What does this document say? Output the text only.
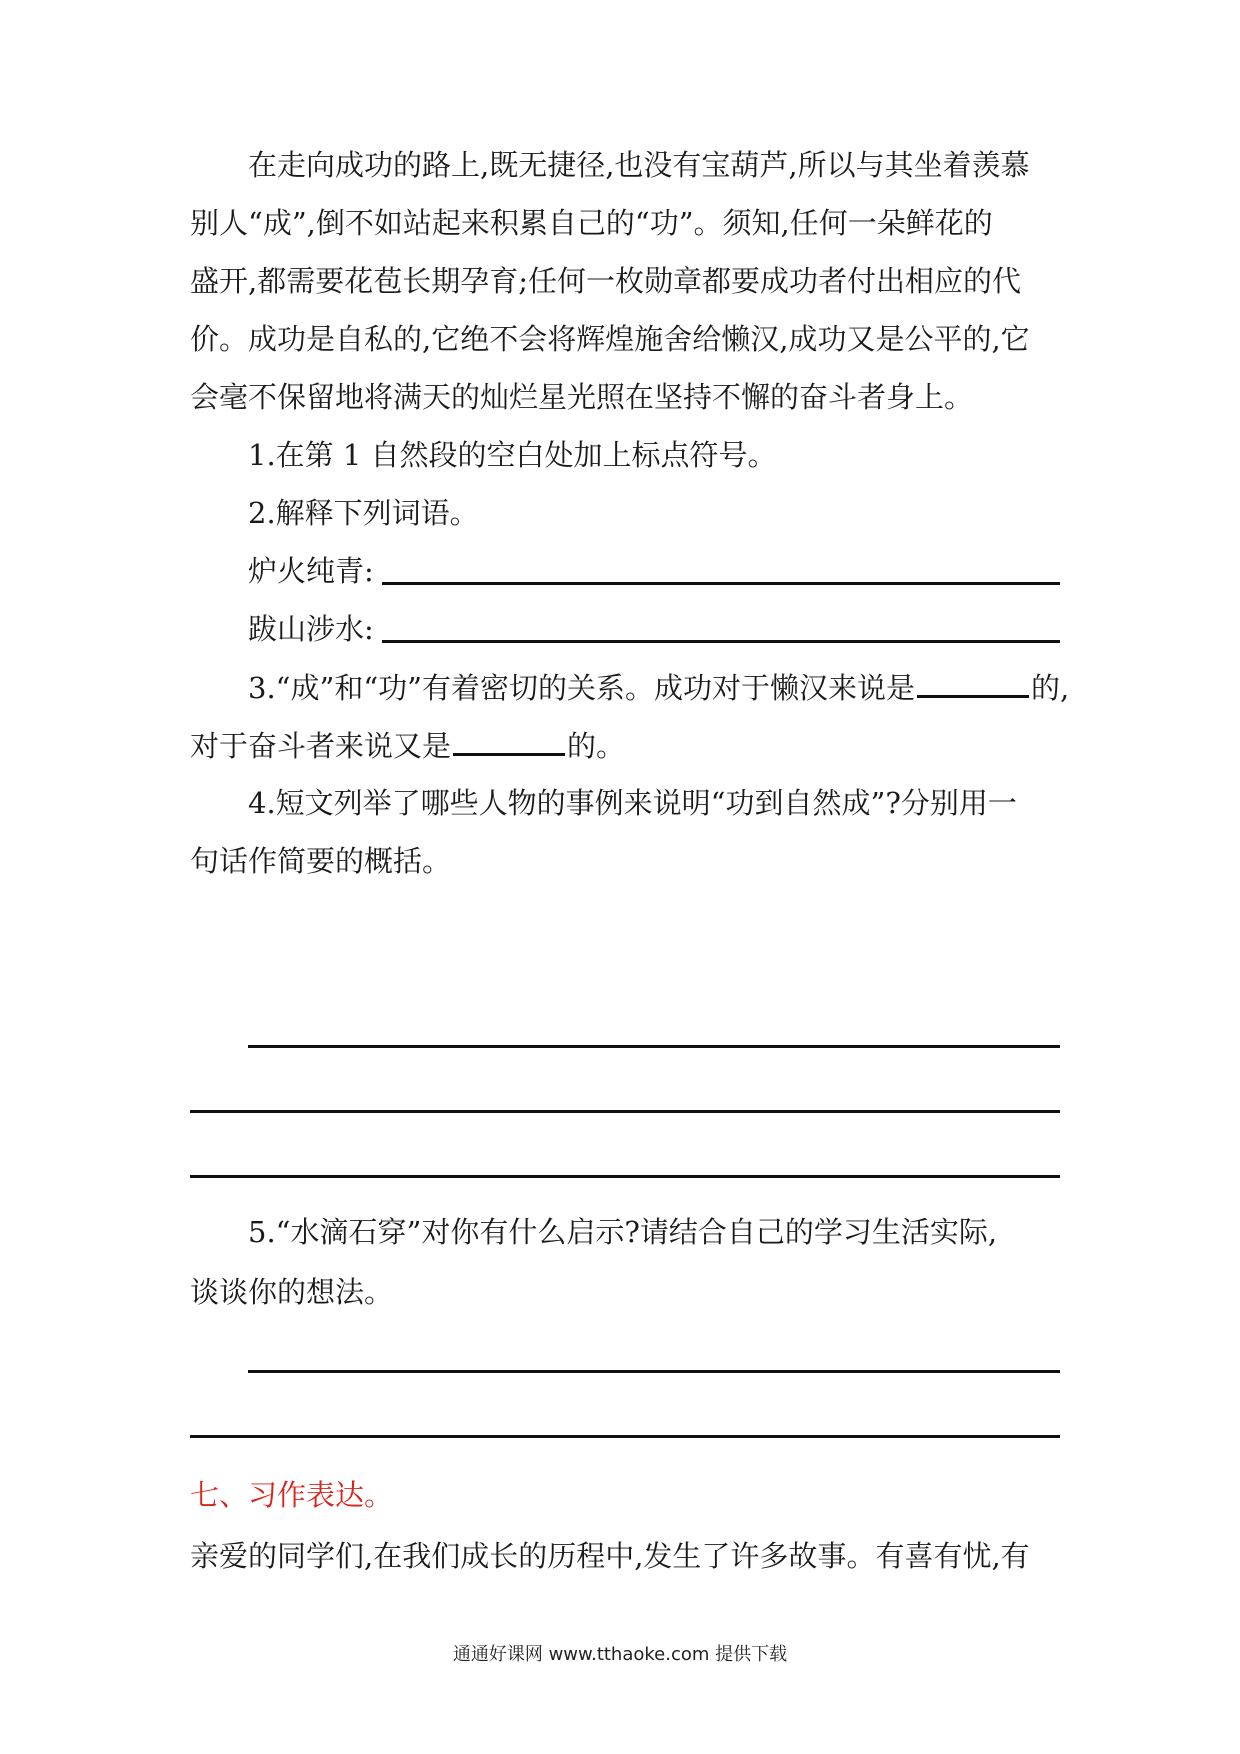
在走向成功的路上,既无捷径,也没有宝葫芦,所以与其坐着羡慕
别人“成”,倒不如站起来积累自己的“功”。须知,任何一朵鲜花的
盛开,都需要花苞长期孕育;任何一枚勋章都要成功者付出相应的代
价。成功是自私的,它绝不会将辉煌施舍给懒汉,成功又是公平的,它
会毫不保留地将满天的灿烂星光照在坚持不懈的奋斗者身上。
1.在第 1 自然段的空白处加上标点符号。
2.解释下列词语。
炉火纯青:
跋山涉水:
3.“成”和“功”有着密切的关系。成功对于懒汉来说是	的,
对于奋斗者来说又是	的。
4.短文列举了哪些人物的事例来说明“功到自然成”?分别用一
句话作简要的概括。
5.“水滴石穿”对你有什么启示?请结合自己的学习生活实际,
谈谈你的想法。
七、习作表达。
亲爱的同学们,在我们成长的历程中,发生了许多故事。有喜有忧,有
通通好课网 www.tthaoke.com 提供下载
